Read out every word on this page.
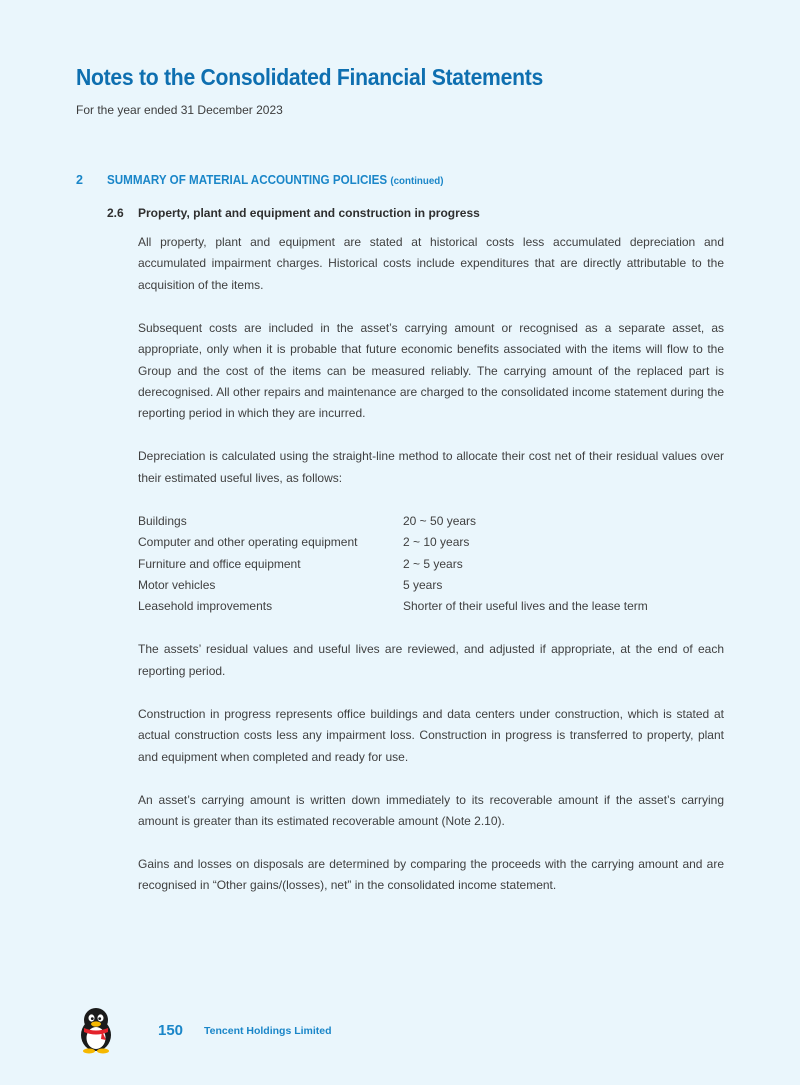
Notes to the Consolidated Financial Statements
For the year ended 31 December 2023
2 SUMMARY OF MATERIAL ACCOUNTING POLICIES (continued)
2.6 Property, plant and equipment and construction in progress

All property, plant and equipment are stated at historical costs less accumulated depreciation and accumulated impairment charges. Historical costs include expenditures that are directly attributable to the acquisition of the items.

Subsequent costs are included in the asset’s carrying amount or recognised as a separate asset, as appropriate, only when it is probable that future economic benefits associated with the items will flow to the Group and the cost of the items can be measured reliably. The carrying amount of the replaced part is derecognised. All other repairs and maintenance are charged to the consolidated income statement during the reporting period in which they are incurred.

Depreciation is calculated using the straight-line method to allocate their cost net of their residual values over their estimated useful lives, as follows:

Buildings	20 ~ 50 years
Computer and other operating equipment	2 ~ 10 years
Furniture and office equipment	2 ~ 5 years
Motor vehicles	5 years
Leasehold improvements	Shorter of their useful lives and the lease term

The assets’ residual values and useful lives are reviewed, and adjusted if appropriate, at the end of each reporting period.

Construction in progress represents office buildings and data centers under construction, which is stated at actual construction costs less any impairment loss. Construction in progress is transferred to property, plant and equipment when completed and ready for use.

An asset’s carrying amount is written down immediately to its recoverable amount if the asset’s carrying amount is greater than its estimated recoverable amount (Note 2.10).

Gains and losses on disposals are determined by comparing the proceeds with the carrying amount and are recognised in “Other gains/(losses), net” in the consolidated income statement.

150 Tencent Holdings Limited
